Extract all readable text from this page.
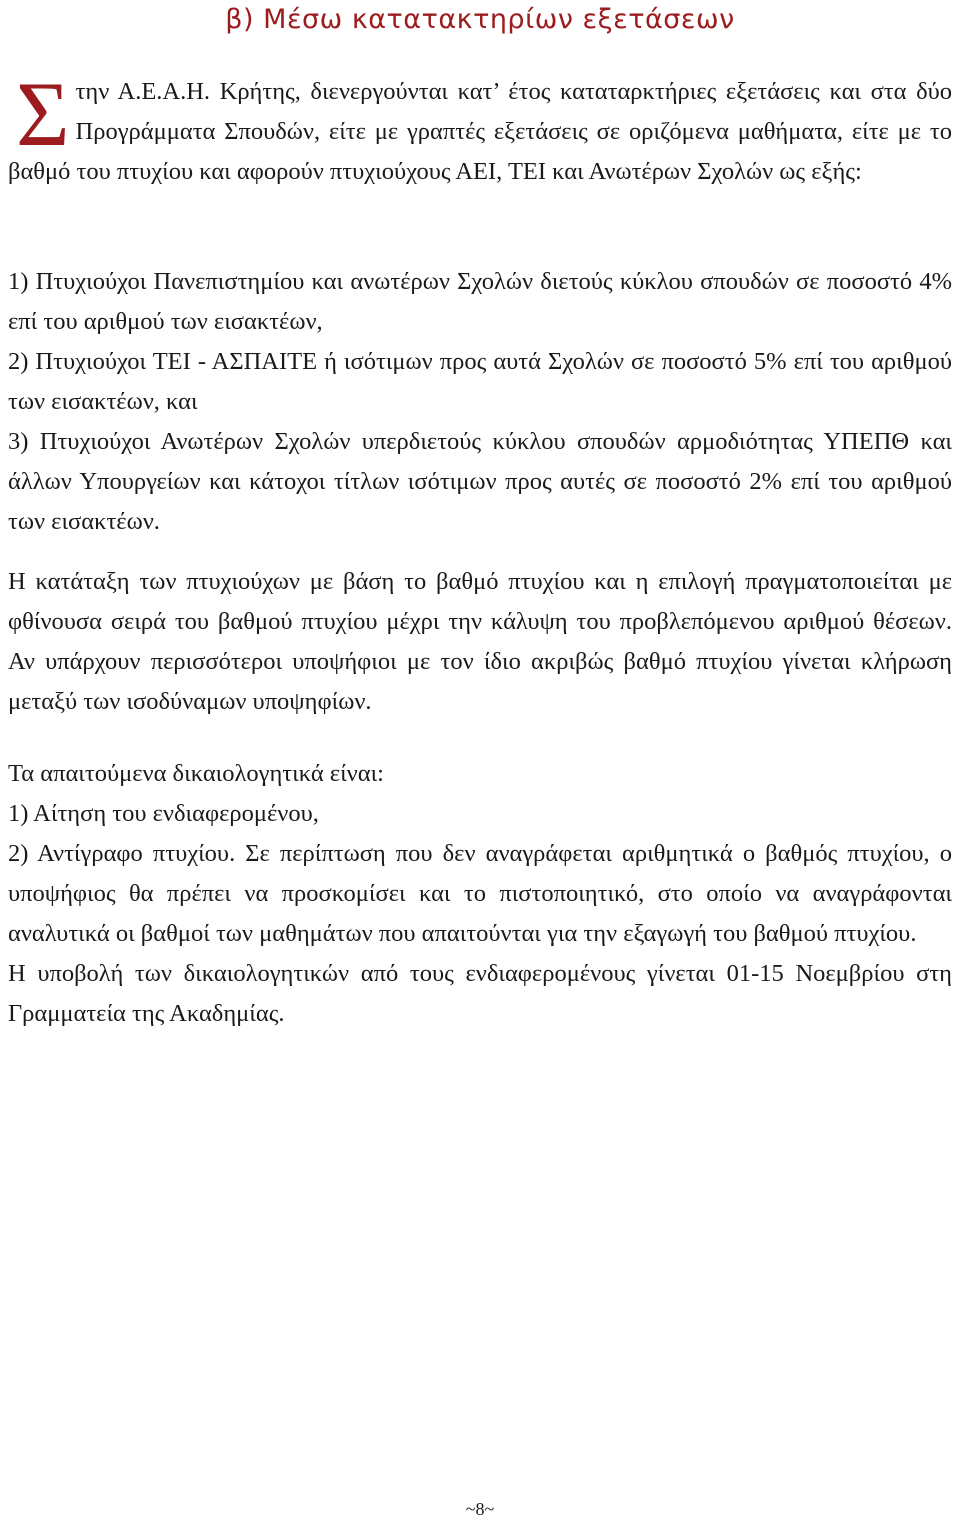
β) Μέσω κατατακτηρίων εξετάσεων
Σ την Α.Ε.Α.Η. Κρήτης, διενεργούνται κατ’ έτος καταταρκτήριες εξετάσεις και στα δύο Προγράμματα Σπουδών, είτε με γραπτές εξετάσεις σε οριζόμενα μαθήματα, είτε με το βαθμό του πτυχίου και αφορούν πτυχιούχους ΑΕΙ, ΤΕΙ και Ανωτέρων Σχολών ως εξής:

1) Πτυχιούχοι Πανεπιστημίου και ανωτέρων Σχολών διετούς κύκλου σπουδών σε ποσοστό 4% επί του αριθμού των εισακτέων,

2) Πτυχιούχοι ΤΕΙ - ΑΣΠΑΙΤΕ ή ισότιμων προς αυτά Σχολών σε ποσοστό 5% επί του αριθμού των εισακτέων, και

3) Πτυχιούχοι Ανωτέρων Σχολών υπερδιετούς κύκλου σπουδών αρμοδιότητας ΥΠΕΠΘ και άλλων Υπουργείων και κάτοχοι τίτλων ισότιμων προς αυτές σε ποσοστό 2% επί του αριθμού των εισακτέων.

Η κατάταξη των πτυχιούχων με βάση το βαθμό πτυχίου και η επιλογή πραγματοποιείται με φθίνουσα σειρά του βαθμού πτυχίου μέχρι την κάλυψη του προβλεπόμενου αριθμού θέσεων. Αν υπάρχουν περισσότεροι υποψήφιοι με τον ίδιο ακριβώς βαθμό πτυχίου γίνεται κλήρωση μεταξύ των ισοδύναμων υποψηφίων.

Τα απαιτούμενα δικαιολογητικά είναι:

1) Αίτηση του ενδιαφερομένου,

2) Αντίγραφο πτυχίου. Σε περίπτωση που δεν αναγράφεται αριθμητικά ο βαθμός πτυχίου, ο υποψήφιος θα πρέπει να προσκομίσει και το πιστοποιητικό, στο οποίο να αναγράφονται αναλυτικά οι βαθμοί των μαθημάτων που απαιτούνται για την εξαγωγή του βαθμού πτυχίου.

Η υποβολή των δικαιολογητικών από τους ενδιαφερομένους γίνεται 01-15 Νοεμβρίου στη Γραμματεία της Ακαδημίας.

~8~
